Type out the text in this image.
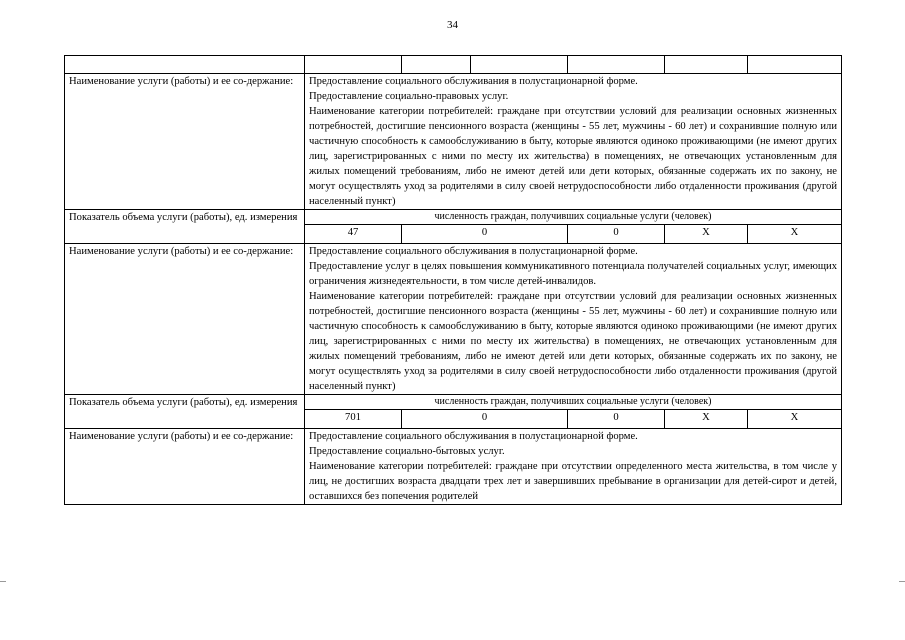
34

Наименование услуги (работы) и ее со-держание:	Предоставление социального обслуживания в полустационарной форме.

Предоставление социально-правовых услуг.

Наименование категории потребителей: граждане при отсутствии условий для реализации основных жизненных потребностей, достигшие пенсионного возраста (женщины - 55 лет, мужчины - 60 лет) и сохранившие полную или частичную способность к самообслуживанию в быту, которые являются одиноко проживающими (не имеют других лиц, зарегистрированных с ними по месту их жительства) в помещениях, не отвечающих установленным для жилых помещений требованиям, либо не имеют детей или дети которых, обязанные содержать их по закону, не могут осуществлять уход за родителями в силу своей нетрудоспособности либо отдаленности проживания (другой населенный пункт)						

Показатель объема услуги (работы), ед. измерения	численность граждан, получивших социальные услуги (человек)						
	47	0		0	Х	Х	
Наименование услуги (работы) и ее со-держание:	Предоставление социального обслуживания в полустационарной форме.

Предоставление услуг в целях повышения коммуникативного потенциала получателей социальных услуг, имеющих ограничения жизнедеятельности, в том числе детей-инвалидов.

Наименование категории потребителей: граждане при отсутствии условий для реализации основных жизненных потребностей, достигшие пенсионного возраста (женщины - 55 лет, мужчины - 60 лет) и сохранившие полную или частичную способность к самообслуживанию в быту, которые являются одиноко проживающими (не имеют других лиц, зарегистрированных с ними по месту их жительства) в помещениях, не отвечающих установленным для жилых помещений требованиям, либо не имеют детей или дети которых, обязанные содержать их по закону, не могут осуществлять уход за родителями в силу своей нетрудоспособности либо отдаленности проживания (другой населенный пункт)						

Показатель объема услуги (работы), ед. измерения	численность граждан, получивших социальные услуги (человек)						
	701	0		0	Х	Х	
Наименование услуги (работы) и ее со-держание:	Предоставление социального обслуживания в полустационарной форме.

Предоставление социально-бытовых услуг.

Наименование категории потребителей: граждане при отсутствии определенного места жительства, в том числе у лиц, не достигших возраста двадцати трех лет и завершивших пребывание в организации для детей-сирот и детей, оставшихся без попечения родителей						
